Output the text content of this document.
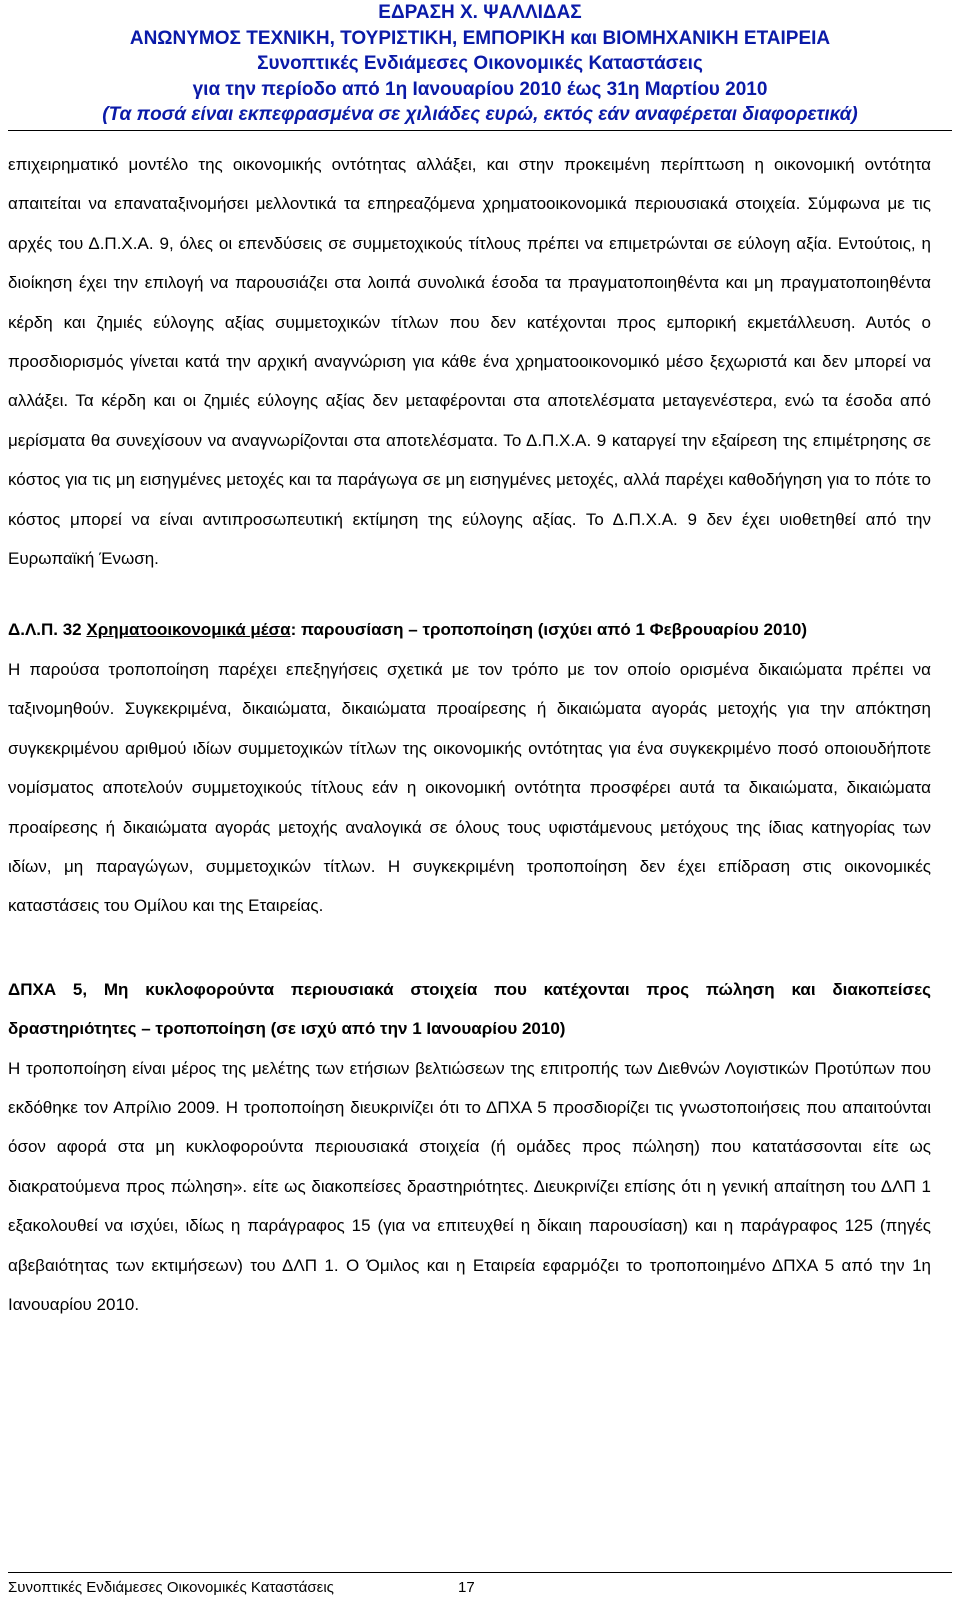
ΕΔΡΑΣΗ Χ. ΨΑΛΛΙΔΑΣ
ΑΝΩΝΥΜΟΣ ΤΕΧΝΙΚΗ, ΤΟΥΡΙΣΤΙΚΗ, ΕΜΠΟΡΙΚΗ και ΒΙΟΜΗΧΑΝΙΚΗ ΕΤΑΙΡΕΙΑ
Συνοπτικές Ενδιάμεσες Οικονομικές Καταστάσεις
για την περίοδο από 1η Ιανουαρίου 2010 έως 31η Μαρτίου 2010
(Τα ποσά είναι εκπεφρασμένα σε χιλιάδες ευρώ, εκτός εάν αναφέρεται διαφορετικά)

επιχειρηματικό μοντέλο της οικονομικής οντότητας αλλάξει, και στην προκειμένη περίπτωση η οικονομική οντότητα απαιτείται να επαναταξινομήσει μελλοντικά τα επηρεαζόμενα χρηματοοικονομικά περιουσιακά στοιχεία. Σύμφωνα με τις αρχές του Δ.Π.Χ.Α. 9, όλες οι επενδύσεις σε συμμετοχικούς τίτλους πρέπει να επιμετρώνται σε εύλογη αξία. Εντούτοις, η διοίκηση έχει την επιλογή να παρουσιάζει στα λοιπά συνολικά έσοδα τα πραγματοποιηθέντα και μη πραγματοποιηθέντα κέρδη και ζημιές εύλογης αξίας συμμετοχικών τίτλων που δεν κατέχονται προς εμπορική εκμετάλλευση. Αυτός ο προσδιορισμός γίνεται κατά την αρχική αναγνώριση για κάθε ένα χρηματοοικονομικό μέσο ξεχωριστά και δεν μπορεί να αλλάξει. Τα κέρδη και οι ζημιές εύλογης αξίας δεν μεταφέρονται στα αποτελέσματα μεταγενέστερα, ενώ τα έσοδα από μερίσματα θα συνεχίσουν να αναγνωρίζονται στα αποτελέσματα. Το Δ.Π.Χ.Α. 9 καταργεί την εξαίρεση της επιμέτρησης σε κόστος για τις μη εισηγμένες μετοχές και τα παράγωγα σε μη εισηγμένες μετοχές, αλλά παρέχει καθοδήγηση για το πότε το κόστος μπορεί να είναι αντιπροσωπευτική εκτίμηση της εύλογης αξίας. Το Δ.Π.Χ.Α. 9 δεν έχει υιοθετηθεί από την Ευρωπαϊκή Ένωση.

Δ.Λ.Π. 32 Χρηματοοικονομικά μέσα: παρουσίαση – τροποποίηση (ισχύει από 1 Φεβρουαρίου 2010)

Η παρούσα τροποποίηση παρέχει επεξηγήσεις σχετικά με τον τρόπο με τον οποίο ορισμένα δικαιώματα πρέπει να ταξινομηθούν. Συγκεκριμένα, δικαιώματα, δικαιώματα προαίρεσης ή δικαιώματα αγοράς μετοχής για την απόκτηση συγκεκριμένου αριθμού ιδίων συμμετοχικών τίτλων της οικονομικής οντότητας για ένα συγκεκριμένο ποσό οποιουδήποτε νομίσματος αποτελούν συμμετοχικούς τίτλους εάν η οικονομική οντότητα προσφέρει αυτά τα δικαιώματα, δικαιώματα προαίρεσης ή δικαιώματα αγοράς μετοχής αναλογικά σε όλους τους υφιστάμενους μετόχους της ίδιας κατηγορίας των ιδίων, μη παραγώγων, συμμετοχικών τίτλων. Η συγκεκριμένη τροποποίηση δεν έχει επίδραση στις οικονομικές καταστάσεις του Ομίλου και της Εταιρείας.

ΔΠΧΑ 5, Μη κυκλοφορούντα περιουσιακά στοιχεία που κατέχονται προς πώληση και διακοπείσες δραστηριότητες – τροποποίηση (σε ισχύ από την 1 Ιανουαρίου 2010)

Η τροποποίηση είναι μέρος της μελέτης των ετήσιων βελτιώσεων της επιτροπής των Διεθνών Λογιστικών Προτύπων που εκδόθηκε τον Απρίλιο 2009. Η τροποποίηση διευκρινίζει ότι το ΔΠΧΑ 5 προσδιορίζει τις γνωστοποιήσεις που απαιτούνται όσον αφορά στα μη κυκλοφορούντα περιουσιακά στοιχεία (ή ομάδες προς πώληση) που κατατάσσονται είτε ως διακρατούμενα προς πώληση». είτε ως διακοπείσες δραστηριότητες. Διευκρινίζει επίσης ότι η γενική απαίτηση του ΔΛΠ 1 εξακολουθεί να ισχύει, ιδίως η παράγραφος 15 (για να επιτευχθεί η δίκαιη παρουσίαση) και η παράγραφος 125 (πηγές αβεβαιότητας των εκτιμήσεων) του ΔΛΠ 1. Ο Όμιλος και η Εταιρεία εφαρμόζει το τροποποιημένο ΔΠΧΑ 5 από την 1η Ιανουαρίου 2010.

Συνοπτικές Ενδιάμεσες Οικονομικές Καταστάσεις	17
